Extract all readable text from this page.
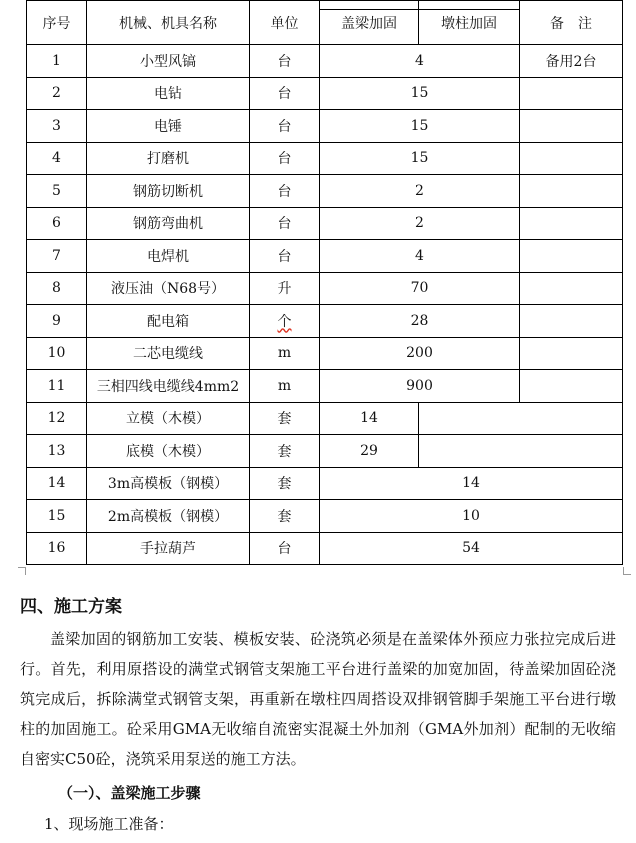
序号	机械、机具名称	单位	盖梁加固	墩柱加固	备　注
1	小型风镐	台	4		备用2台
2	电钻	台	15		
3	电锤	台	15		
4	打磨机	台	15		
5	钢筋切断机	台	2		
6	钢筋弯曲机	台	2		
7	电焊机	台	4		
8	液压油（N68号）	升	70		
9	配电箱	个	28		
10	二芯电缆线	m	200		
11	三相四线电缆线4mm2	m	900		
12	立模（木模）	套	14		
13	底模（木模）	套	29		
14	3m高模板（钢模）	套	14		
15	2m高模板（钢模）	套	10		
16	手拉葫芦	台	54		
四、施工方案

盖梁加固的钢筋加工安装、模板安装、砼浇筑必须是在盖梁体外预应力张拉完成后进行。首先，利用原搭设的满堂式钢管支架施工平台进行盖梁的加宽加固，待盖梁加固砼浇筑完成后，拆除满堂式钢管支架，再重新在墩柱四周搭设双排钢管脚手架施工平台进行墩柱的加固施工。砼采用GMA无收缩自流密实混凝土外加剂（GMA外加剂）配制的无收缩自密实C50砼，浇筑采用泵送的施工方法。

（一）、盖梁施工步骤

1、现场施工准备：
